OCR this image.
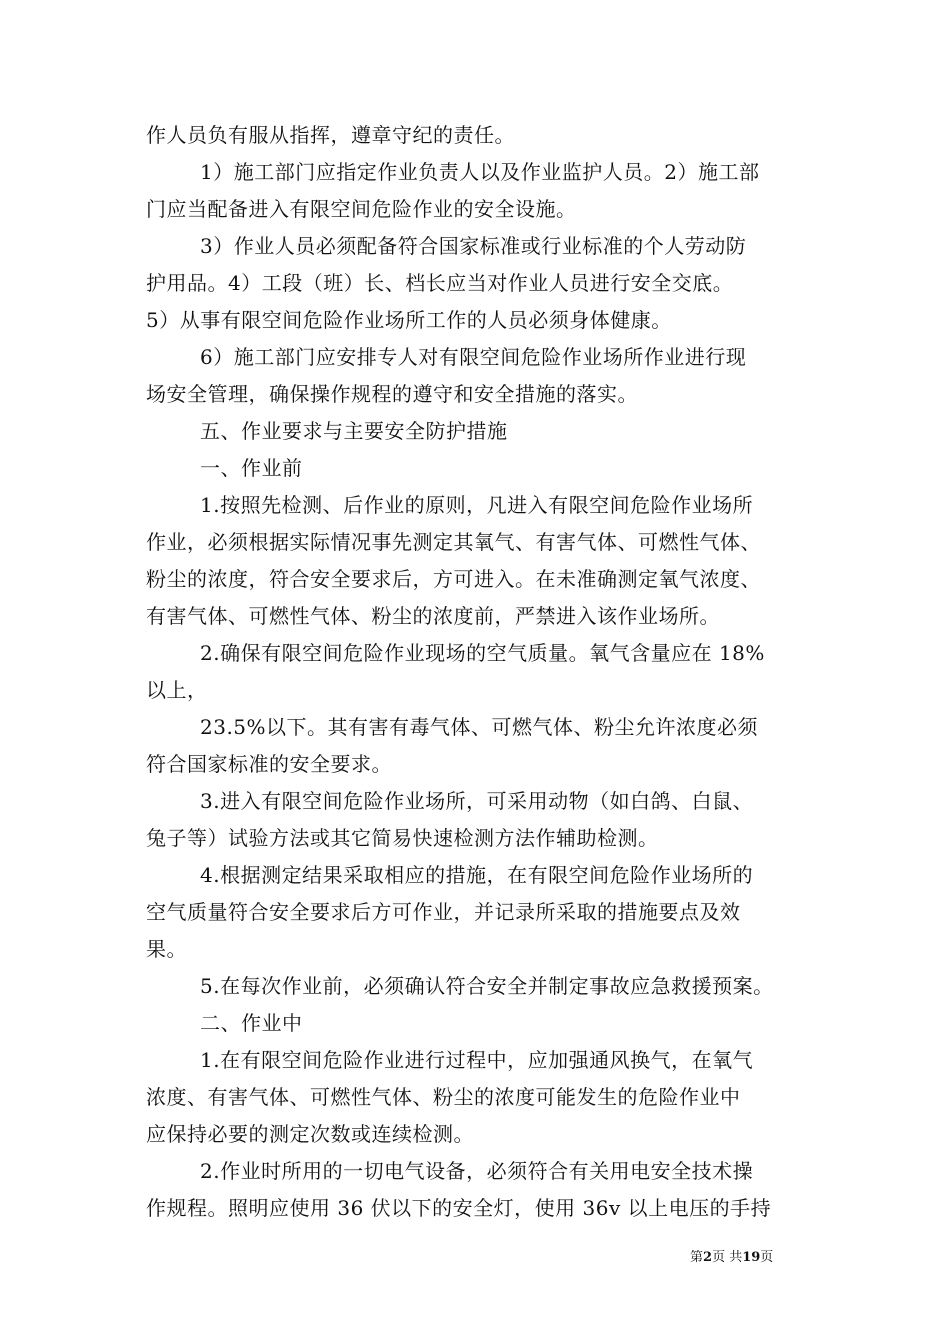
作人员负有服从指挥，遵章守纪的责任。
1）施工部门应指定作业负责人以及作业监护人员。2）施工部
门应当配备进入有限空间危险作业的安全设施。
3）作业人员必须配备符合国家标准或行业标准的个人劳动防
护用品。4）工段（班）长、档长应当对作业人员进行安全交底。
5）从事有限空间危险作业场所工作的人员必须身体健康。
6）施工部门应安排专人对有限空间危险作业场所作业进行现
场安全管理，确保操作规程的遵守和安全措施的落实。
五、作业要求与主要安全防护措施
一、作业前
1.按照先检测、后作业的原则，凡进入有限空间危险作业场所
作业，必须根据实际情况事先测定其氧气、有害气体、可燃性气体、
粉尘的浓度，符合安全要求后，方可进入。在未准确测定氧气浓度、
有害气体、可燃性气体、粉尘的浓度前，严禁进入该作业场所。
2.确保有限空间危险作业现场的空气质量。氧气含量应在 18%
以上，
23.5%以下。其有害有毒气体、可燃气体、粉尘允许浓度必须
符合国家标准的安全要求。
3.进入有限空间危险作业场所，可采用动物（如白鸽、白鼠、
兔子等）试验方法或其它简易快速检测方法作辅助检测。
4.根据测定结果采取相应的措施，在有限空间危险作业场所的
空气质量符合安全要求后方可作业，并记录所采取的措施要点及效
果。
5.在每次作业前，必须确认符合安全并制定事故应急救援预案。
二、作业中
1.在有限空间危险作业进行过程中，应加强通风换气，在氧气
浓度、有害气体、可燃性气体、粉尘的浓度可能发生的危险作业中
应保持必要的测定次数或连续检测。
2.作业时所用的一切电气设备，必须符合有关用电安全技术操
作规程。照明应使用 36 伏以下的安全灯，使用 36v 以上电压的手持
第2页 共19页
